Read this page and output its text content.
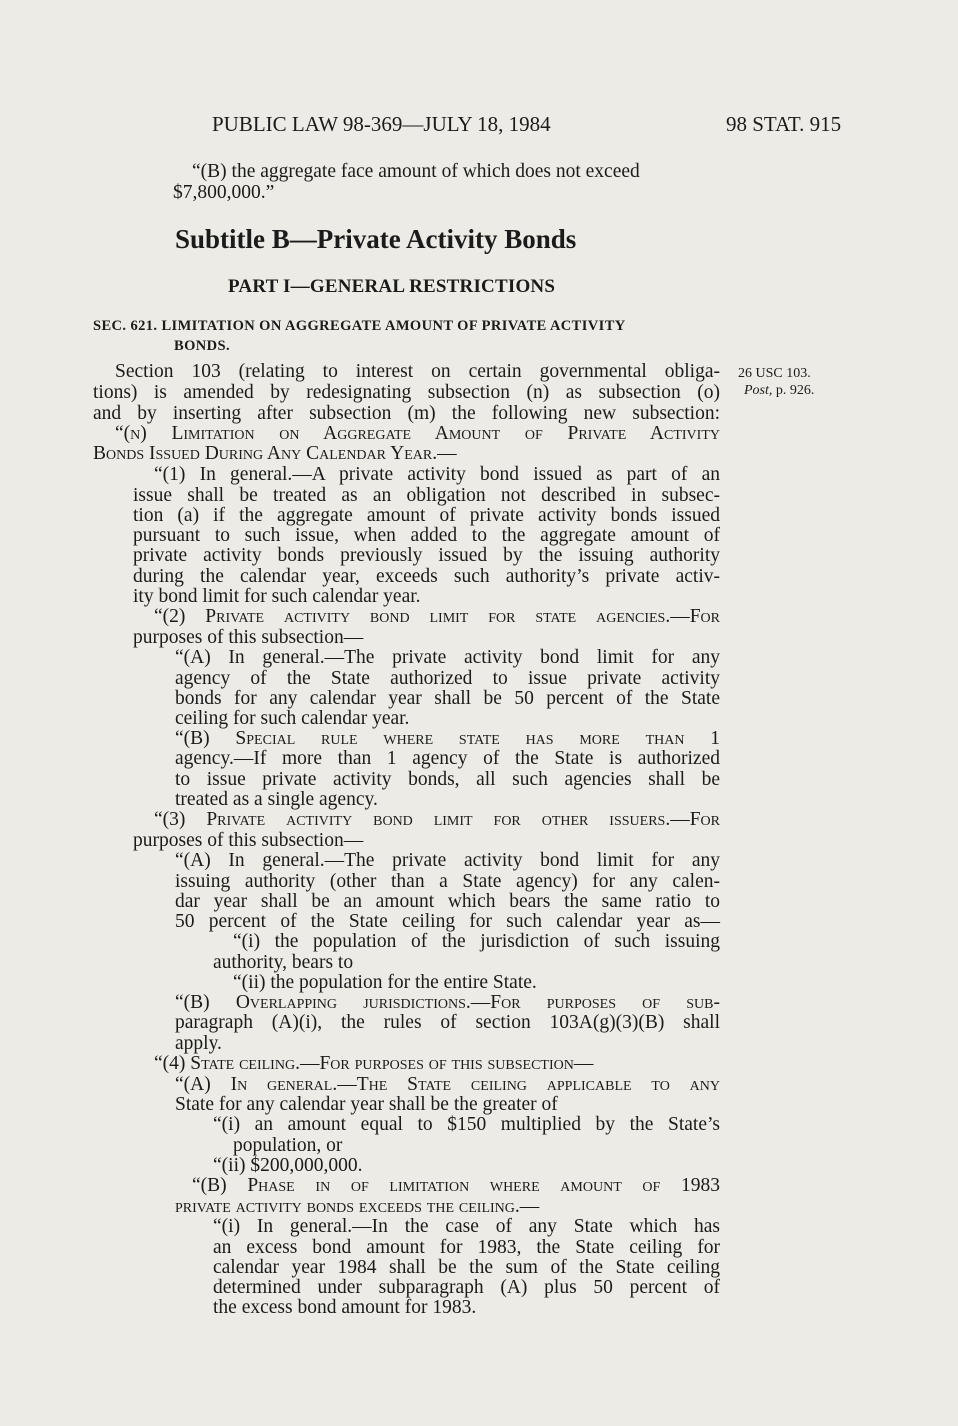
PUBLIC LAW 98-369—JULY 18, 1984	98 STAT. 915
“(B) the aggregate face amount of which does not exceed
$7,800,000.”
Subtitle B—Private Activity Bonds
PART I—GENERAL RESTRICTIONS
SEC. 621. LIMITATION ON AGGREGATE AMOUNT OF PRIVATE ACTIVITY
BONDS.
26 USC 103.
Post, p. 926.
Section 103 (relating to interest on certain governmental obliga-
tions) is amended by redesignating subsection (n) as subsection (o)
and by inserting after subsection (m) the following new subsection:
“(n) Limitation on Aggregate Amount of Private Activity
Bonds Issued During Any Calendar Year.—
“(1) In general.—A private activity bond issued as part of an
issue shall be treated as an obligation not described in subsec-
tion (a) if the aggregate amount of private activity bonds issued
pursuant to such issue, when added to the aggregate amount of
private activity bonds previously issued by the issuing authority
during the calendar year, exceeds such authority’s private activ-
ity bond limit for such calendar year.
“(2) Private activity bond limit for state agencies.—For
purposes of this subsection—
“(A) In general.—The private activity bond limit for any
agency of the State authorized to issue private activity
bonds for any calendar year shall be 50 percent of the State
ceiling for such calendar year.
“(B) Special rule where state has more than 1
agency.—If more than 1 agency of the State is authorized
to issue private activity bonds, all such agencies shall be
treated as a single agency.
“(3) Private activity bond limit for other issuers.—For
purposes of this subsection—
“(A) In general.—The private activity bond limit for any
issuing authority (other than a State agency) for any calen-
dar year shall be an amount which bears the same ratio to
50 percent of the State ceiling for such calendar year as—
“(i) the population of the jurisdiction of such issuing
authority, bears to
“(ii) the population for the entire State.
“(B) Overlapping jurisdictions.—For purposes of sub-
paragraph (A)(i), the rules of section 103A(g)(3)(B) shall
apply.
“(4) State ceiling.—For purposes of this subsection—
“(A) In general.—The State ceiling applicable to any
State for any calendar year shall be the greater of
“(i) an amount equal to $150 multiplied by the State’s
population, or
“(ii) $200,000,000.
“(B) Phase in of limitation where amount of 1983
private activity bonds exceeds the ceiling.—
“(i) In general.—In the case of any State which has
an excess bond amount for 1983, the State ceiling for
calendar year 1984 shall be the sum of the State ceiling
determined under subparagraph (A) plus 50 percent of
the excess bond amount for 1983.
